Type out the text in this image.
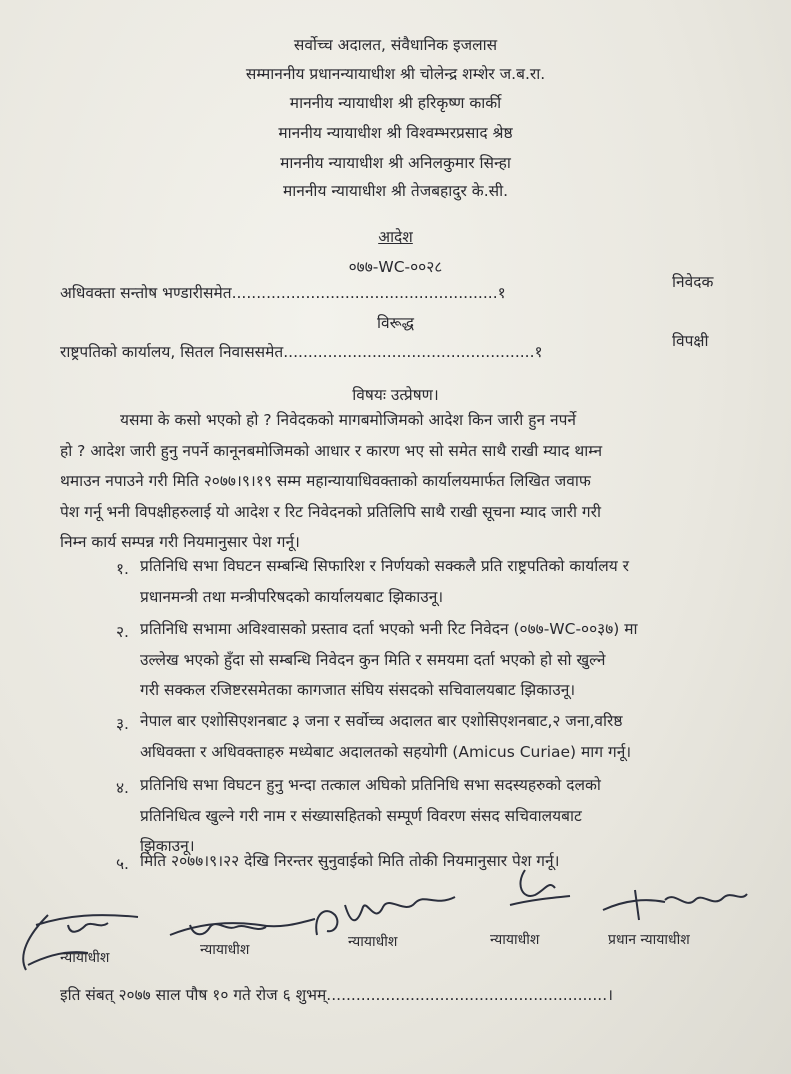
सर्वोच्च अदालत, संवैधानिक इजलास
सम्माननीय प्रधानन्यायाधीश श्री चोलेन्द्र शम्शेर ज.ब.रा.
माननीय न्यायाधीश श्री हरिकृष्ण कार्की
माननीय न्यायाधीश श्री विश्वम्भरप्रसाद श्रेष्ठ
माननीय न्यायाधीश श्री अनिलकुमार सिन्हा
माननीय न्यायाधीश श्री तेजबहादुर के.सी.
आदेश
०७७-WC-००२८
अधिवक्ता सन्तोष भण्डारीसमेत......................................................१
निवेदक
विरूद्ध
राष्ट्रपतिको कार्यालय, सितल निवाससमेत...................................................१
विपक्षी
विषयः उत्प्रेषण।
यसमा के कसो भएको हो ? निवेदकको मागबमोजिमको आदेश किन जारी हुन नपर्ने
हो ? आदेश जारी हुनु नपर्ने कानूनबमोजिमको आधार र कारण भए सो समेत साथै राखी म्याद थाम्न
थमाउन नपाउने गरी मिति २०७७।९।१९ सम्म महान्यायाधिवक्ताको कार्यालयमार्फत लिखित जवाफ
पेश गर्नू भनी विपक्षीहरुलाई यो आदेश र रिट निवेदनको प्रतिलिपि साथै राखी सूचना म्याद जारी गरी
निम्न कार्य सम्पन्न गरी नियमानुसार पेश गर्नू।
१. प्रतिनिधि सभा विघटन सम्बन्धि सिफारिश र निर्णयको सक्कलै प्रति राष्ट्रपतिको कार्यालय र
प्रधानमन्त्री तथा मन्त्रीपरिषदको कार्यालयबाट झिकाउनू।
२. प्रतिनिधि सभामा अविश्वासको प्रस्ताव दर्ता भएको भनी रिट निवेदन (०७७-WC-००३७) मा
उल्लेख भएको हुँदा सो सम्बन्धि निवेदन कुन मिति र समयमा दर्ता भएको हो सो खुल्ने
गरी सक्कल रजिष्टरसमेतका कागजात संघिय संसदको सचिवालयबाट झिकाउनू।
३. नेपाल बार एशोसिएशनबाट ३ जना र सर्वोच्च अदालत बार एशोसिएशनबाट,२ जना,वरिष्ठ
अधिवक्ता र अधिवक्ताहरु मध्येबाट अदालतको सहयोगी (Amicus Curiae) माग गर्नू।
४. प्रतिनिधि सभा विघटन हुनु भन्दा तत्काल अघिको प्रतिनिधि सभा सदस्यहरुको दलको
प्रतिनिधित्व खुल्ने गरी नाम र संख्यासहितको सम्पूर्ण विवरण संसद सचिवालयबाट
झिकाउनू।
५. मिति २०७७।९।२२ देखि निरन्तर सुनुवाईको मिति तोकी नियमानुसार पेश गर्नू।
न्यायाधीश	न्यायाधीश	न्यायाधीश	न्यायाधीश	प्रधान न्यायाधीश
इति संबत् २०७७ साल पौष १० गते रोज ६ शुभम्.........................................................।
